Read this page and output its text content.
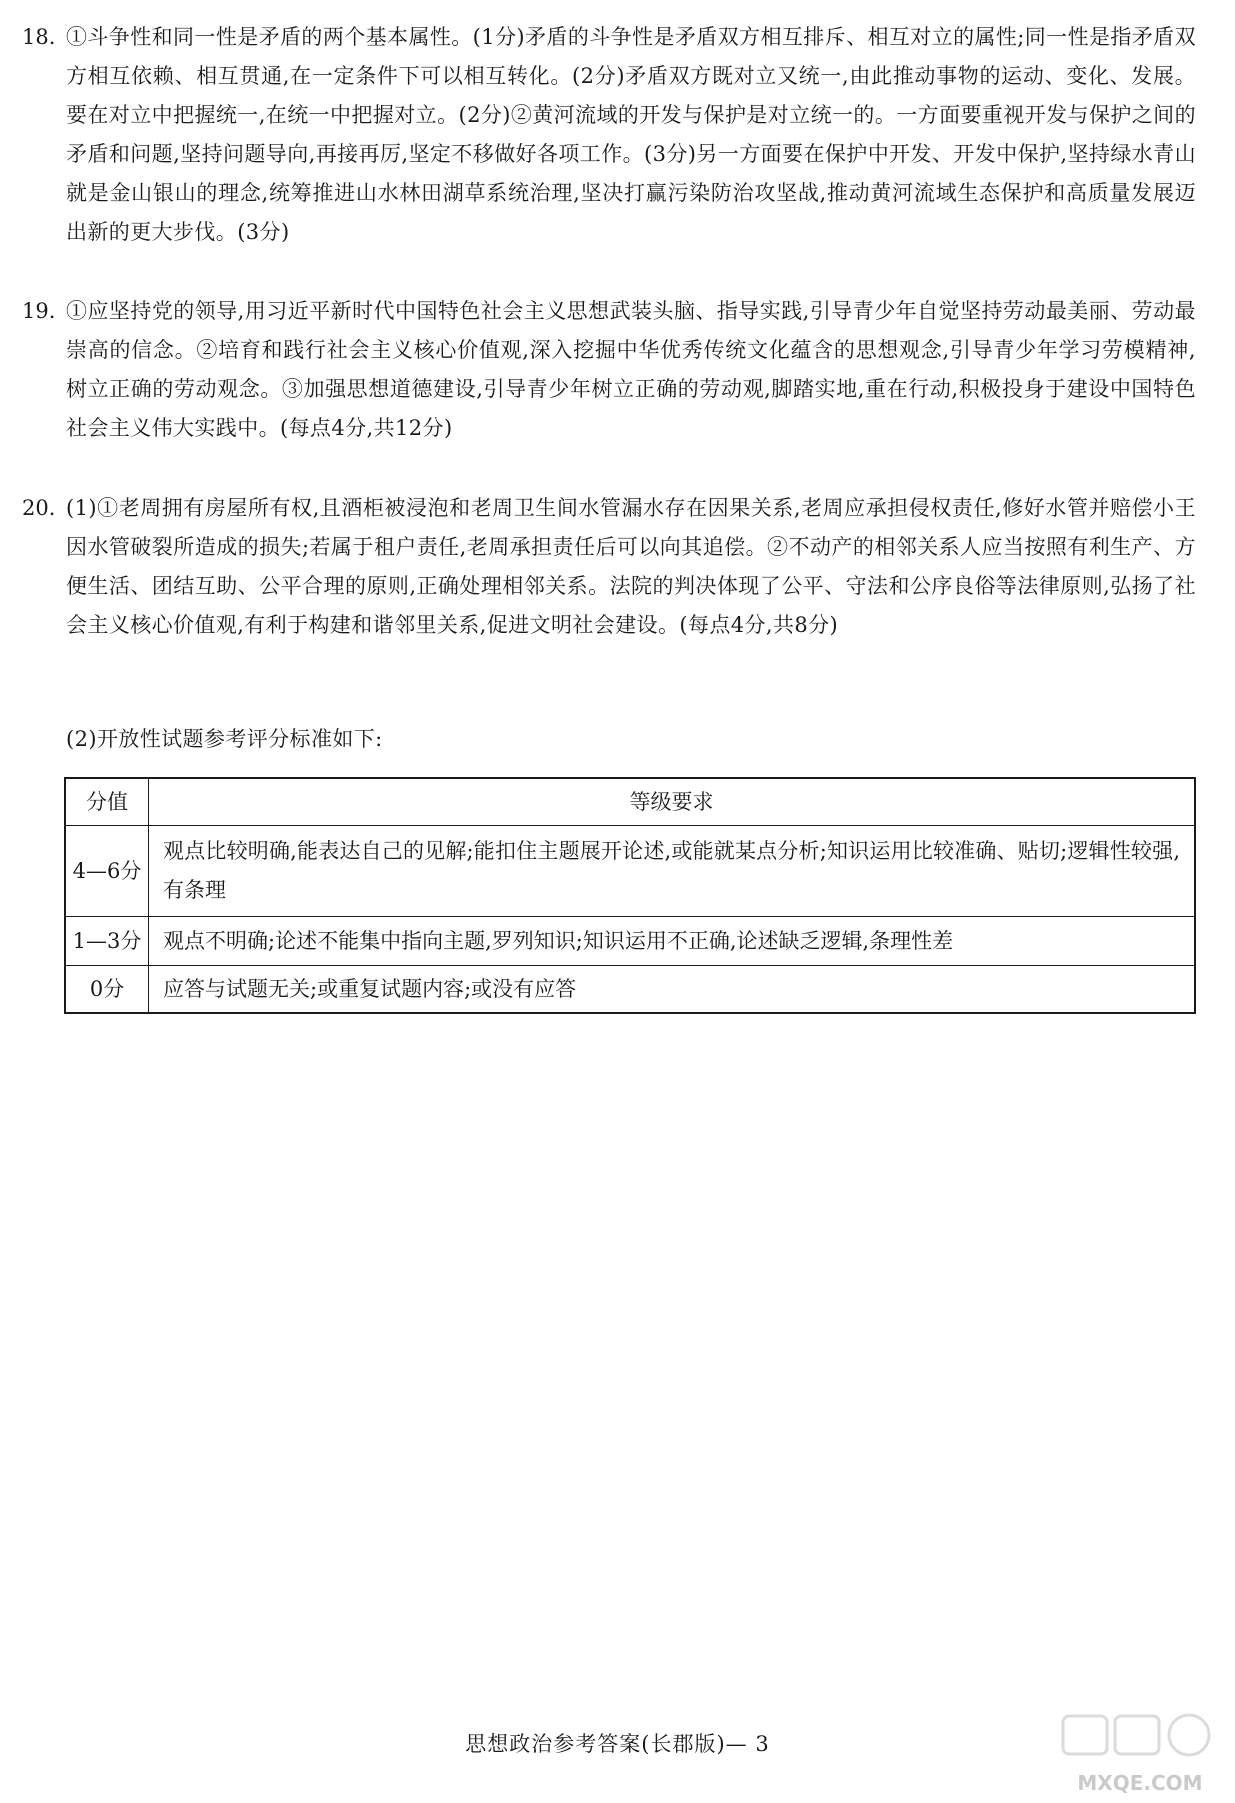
18. ①斗争性和同一性是矛盾的两个基本属性。(1分)矛盾的斗争性是矛盾双方相互排斥、相互对立的属性;同一性是指矛盾双方相互依赖、相互贯通,在一定条件下可以相互转化。(2分)矛盾双方既对立又统一,由此推动事物的运动、变化、发展。要在对立中把握统一,在统一中把握对立。(2分)②黄河流域的开发与保护是对立统一的。一方面要重视开发与保护之间的矛盾和问题,坚持问题导向,再接再厉,坚定不移做好各项工作。(3分)另一方面要在保护中开发、开发中保护,坚持绿水青山就是金山银山的理念,统筹推进山水林田湖草系统治理,坚决打赢污染防治攻坚战,推动黄河流域生态保护和高质量发展迈出新的更大步伐。(3分)

19. ①应坚持党的领导,用习近平新时代中国特色社会主义思想武装头脑、指导实践,引导青少年自觉坚持劳动最美丽、劳动最崇高的信念。②培育和践行社会主义核心价值观,深入挖掘中华优秀传统文化蕴含的思想观念,引导青少年学习劳模精神,树立正确的劳动观念。③加强思想道德建设,引导青少年树立正确的劳动观,脚踏实地,重在行动,积极投身于建设中国特色社会主义伟大实践中。(每点4分,共12分)

20. (1)①老周拥有房屋所有权,且酒柜被浸泡和老周卫生间水管漏水存在因果关系,老周应承担侵权责任,修好水管并赔偿小王因水管破裂所造成的损失;若属于租户责任,老周承担责任后可以向其追偿。②不动产的相邻关系人应当按照有利生产、方便生活、团结互助、公平合理的原则,正确处理相邻关系。法院的判决体现了公平、守法和公序良俗等法律原则,弘扬了社会主义核心价值观,有利于构建和谐邻里关系,促进文明社会建设。(每点4分,共8分)

(2)开放性试题参考评分标准如下:
分值	等级要求
4—6分	观点比较明确,能表达自己的见解;能扣住主题展开论述,或能就某点分析;知识运用比较准确、贴切;逻辑性较强,有条理
1—3分	观点不明确;论述不能集中指向主题,罗列知识;知识运用不正确,论述缺乏逻辑,条理性差
0分	应答与试题无关;或重复试题内容;或没有应答
思想政治参考答案(长郡版)— 3
MXQE.COM
